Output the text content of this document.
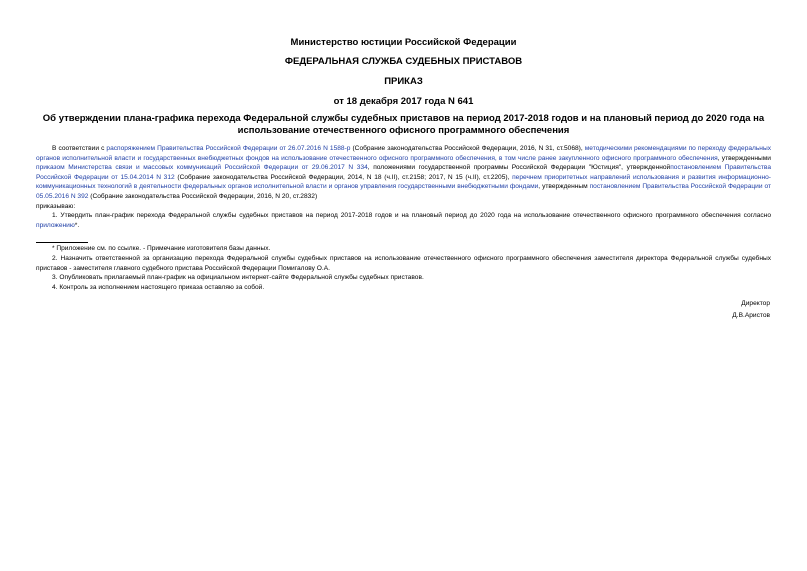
Министерство юстиции Российской Федерации
ФЕДЕРАЛЬНАЯ СЛУЖБА СУДЕБНЫХ ПРИСТАВОВ
ПРИКАЗ
от 18 декабря 2017 года N 641
Об утверждении плана-графика перехода Федеральной службы судебных приставов на период 2017-2018 годов и на плановый период до 2020 года на использование отечественного офисного программного обеспечения

В соответствии с распоряжением Правительства Российской Федерации от 26.07.2016 N 1588-р (Собрание законодательства Российской Федерации, 2016, N 31, ст.5068), методическими рекомендациями по переходу федеральных органов исполнительной власти и государственных внебюджетных фондов на использование отечественного офисного программного обеспечения, в том числе ранее закупленного офисного программного обеспечения, утвержденными приказом Министерства связи и массовых коммуникаций Российской Федерации от 29.06.2017 N 334, положениями государственной программы Российской Федерации "Юстиция", утвержденнойпостановлением Правительства Российской Федерации от 15.04.2014 N 312 (Собрание законодательства Российской Федерации, 2014, N 18 (ч.II), ст.2158; 2017, N 15 (ч.II), ст.2205), перечнем приоритетных направлений использования и развития информационно-коммуникационных технологий в деятельности федеральных органов исполнительной власти и органов управления государственными внебюджетными фондами, утвержденным постановлением Правительства Российской Федерации от 05.05.2016 N 392 (Собрание законодательства Российской Федерации, 2016, N 20, ст.2832)

приказываю:

1. Утвердить план-график перехода Федеральной службы судебных приставов на период 2017-2018 годов и на плановый период до 2020 года на использование отечественного офисного программного обеспечения согласно приложению*.

* Приложение см. по ссылке. - Примечание изготовителя базы данных.

2. Назначить ответственной за организацию перехода Федеральной службы судебных приставов на использование отечественного офисного программного обеспечения заместителя директора Федеральной службы судебных приставов - заместителя главного судебного пристава Российской Федерации Помигалову О.А.

3. Опубликовать прилагаемый план-график на официальном интернет-сайте Федеральной службы судебных приставов.

4. Контроль за исполнением настоящего приказа оставляю за собой.

Директор
Д.В.Аристов
